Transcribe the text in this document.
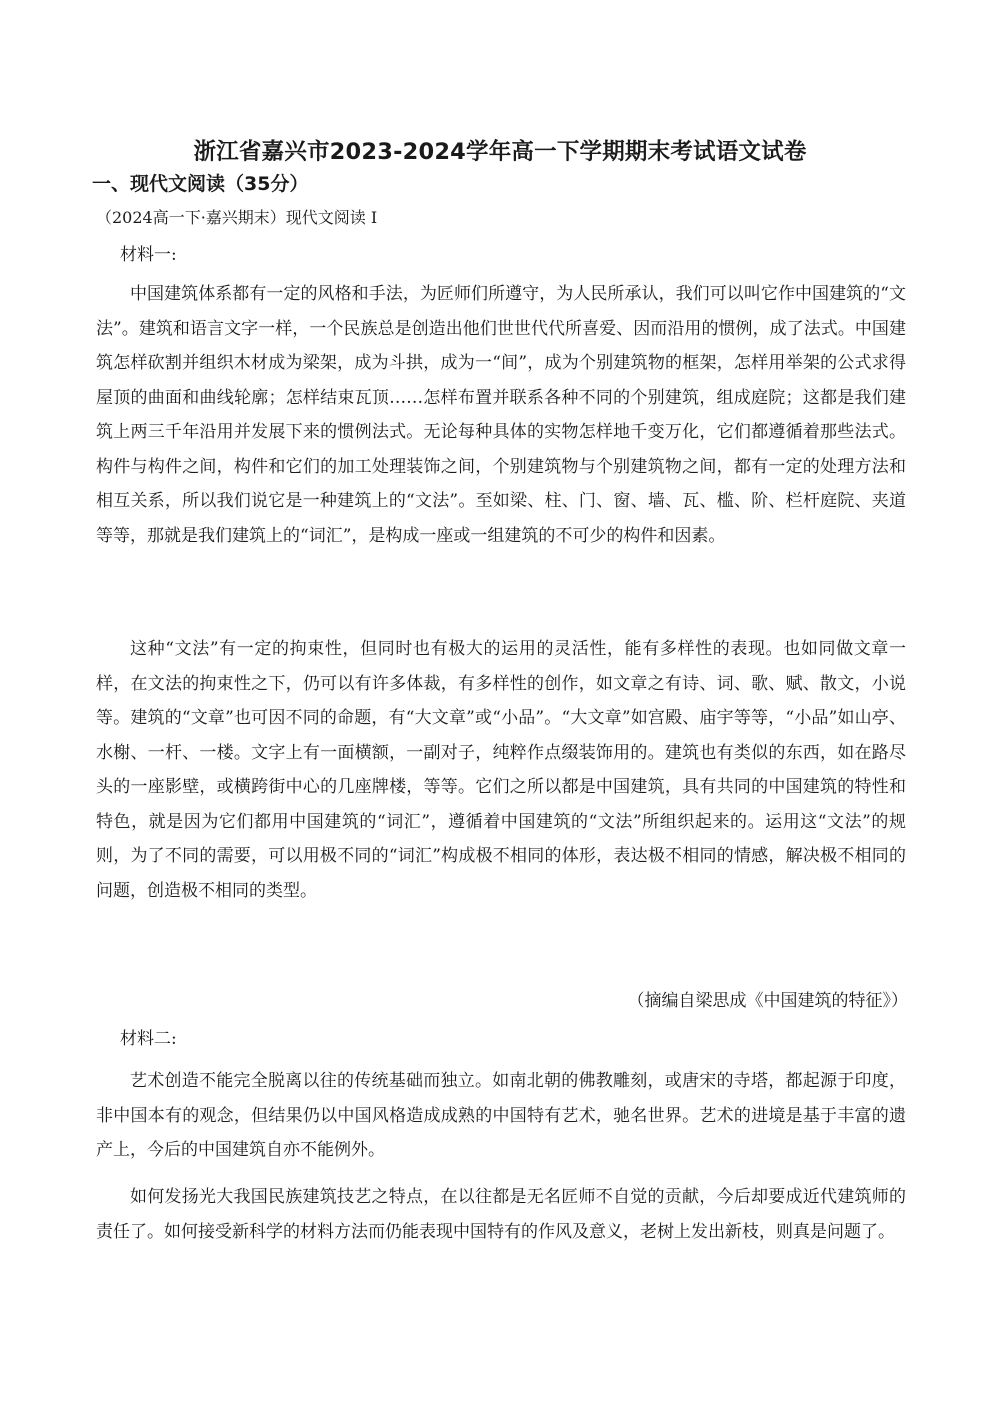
浙江省嘉兴市2023-2024学年高一下学期期末考试语文试卷
一、现代文阅读（35分）
（2024高一下·嘉兴期末）现代文阅读 I
材料一:

中国建筑体系都有一定的风格和手法，为匠师们所遵守，为人民所承认，我们可以叫它作中国建筑的“文法”。建筑和语言文字一样，一个民族总是创造出他们世世代代所喜爱、因而沿用的惯例，成了法式。中国建筑怎样砍割并组织木材成为梁架，成为斗拱，成为一“间”，成为个别建筑物的框架，怎样用举架的公式求得屋顶的曲面和曲线轮廓；怎样结束瓦顶……怎样布置并联系各种不同的个别建筑，组成庭院；这都是我们建筑上两三千年沿用并发展下来的惯例法式。无论每种具体的实物怎样地千变万化，它们都遵循着那些法式。构件与构件之间，构件和它们的加工处理装饰之间，个别建筑物与个别建筑物之间，都有一定的处理方法和相互关系，所以我们说它是一种建筑上的“文法”。至如梁、柱、门、窗、墙、瓦、槛、阶、栏杆庭院、夹道等等，那就是我们建筑上的“词汇”，是构成一座或一组建筑的不可少的构件和因素。

这种“文法”有一定的拘束性，但同时也有极大的运用的灵活性，能有多样性的表现。也如同做文章一样，在文法的拘束性之下，仍可以有许多体裁，有多样性的创作，如文章之有诗、词、歌、赋、散文，小说等。建筑的“文章”也可因不同的命题，有“大文章”或“小品”。“大文章”如宫殿、庙宇等等，“小品”如山亭、水榭、一杆、一楼。文字上有一面横额，一副对子，纯粹作点缀装饰用的。建筑也有类似的东西，如在路尽头的一座影壁，或横跨街中心的几座牌楼，等等。它们之所以都是中国建筑，具有共同的中国建筑的特性和特色，就是因为它们都用中国建筑的“词汇”，遵循着中国建筑的“文法”所组织起来的。运用这“文法”的规则，为了不同的需要，可以用极不同的“词汇”构成极不相同的体形，表达极不相同的情感，解决极不相同的问题，创造极不相同的类型。

（摘编自梁思成《中国建筑的特征》）
材料二:

艺术创造不能完全脱离以往的传统基础而独立。如南北朝的佛教雕刻，或唐宋的寺塔，都起源于印度，非中国本有的观念，但结果仍以中国风格造成成熟的中国特有艺术，驰名世界。艺术的进境是基于丰富的遗产上，今后的中国建筑自亦不能例外。

如何发扬光大我国民族建筑技艺之特点，在以往都是无名匠师不自觉的贡献，今后却要成近代建筑师的责任了。如何接受新科学的材料方法而仍能表现中国特有的作风及意义，老树上发出新枝，则真是问题了。
